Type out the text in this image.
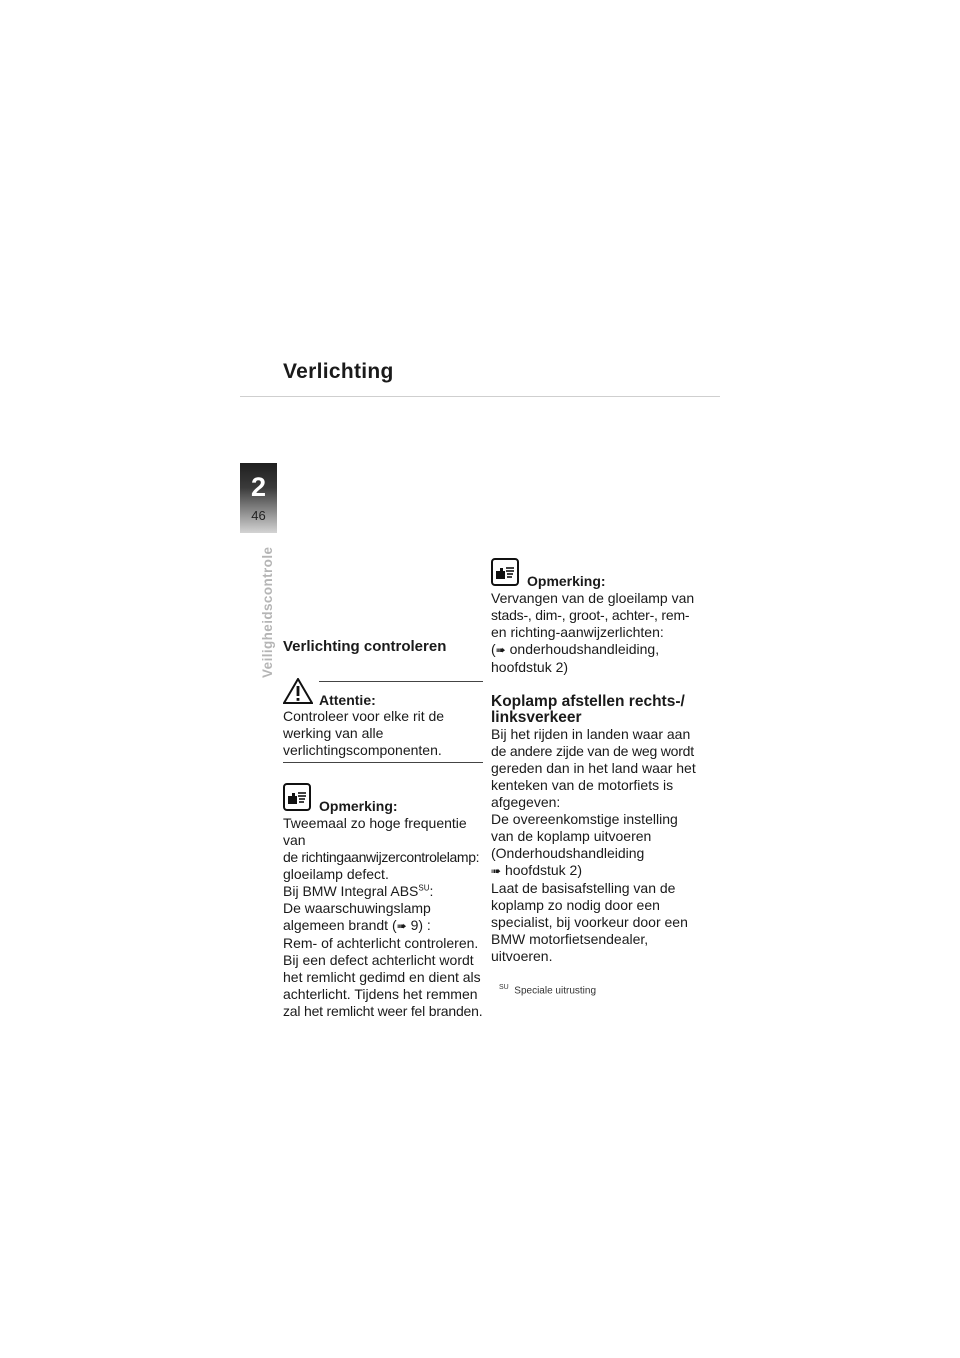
Verlichting
2
46
Veiligheidscontrole Verlichting controleren
Attentie:

Controleer voor elke rit de

werking van alle

verlichtingscomponenten.

Opmerking:

Tweemaal zo hoge frequentie van

de richtingaanwijzercontrolelamp:

gloeilamp defect.

Bij BMW Integral $ABS^{SU}$:

De waarschuwingslamp

algemeen brandt (➠ 9) :

Rem- of achterlicht controleren.

Bij een defect achterlicht wordt

het remlicht gedimd en dient als

achterlicht. Tijdens het remmen

zal het remlicht weer fel branden.

Opmerking:

Vervangen van de gloeilamp van

stads-, dim-, groot-, achter-, rem-

en richting-aanwijzerlichten:

(➠ onderhoudshandleiding,

hoofdstuk 2)

Koplamp afstellen rechts-/
linksverkeer

Bij het rijden in landen waar aan

de andere zijde van de weg wordt

gereden dan in het land waar het

kenteken van de motorfiets is

afgegeven:

De overeenkomstige instelling

van de koplamp uitvoeren

(Onderhoudshandleiding

➠ hoofdstuk 2)

Laat de basisafstelling van de

koplamp zo nodig door een

specialist, bij voorkeur door een

BMW motorfietsendealer,

uitvoeren.

$^{SU}$ Speciale uitrusting
